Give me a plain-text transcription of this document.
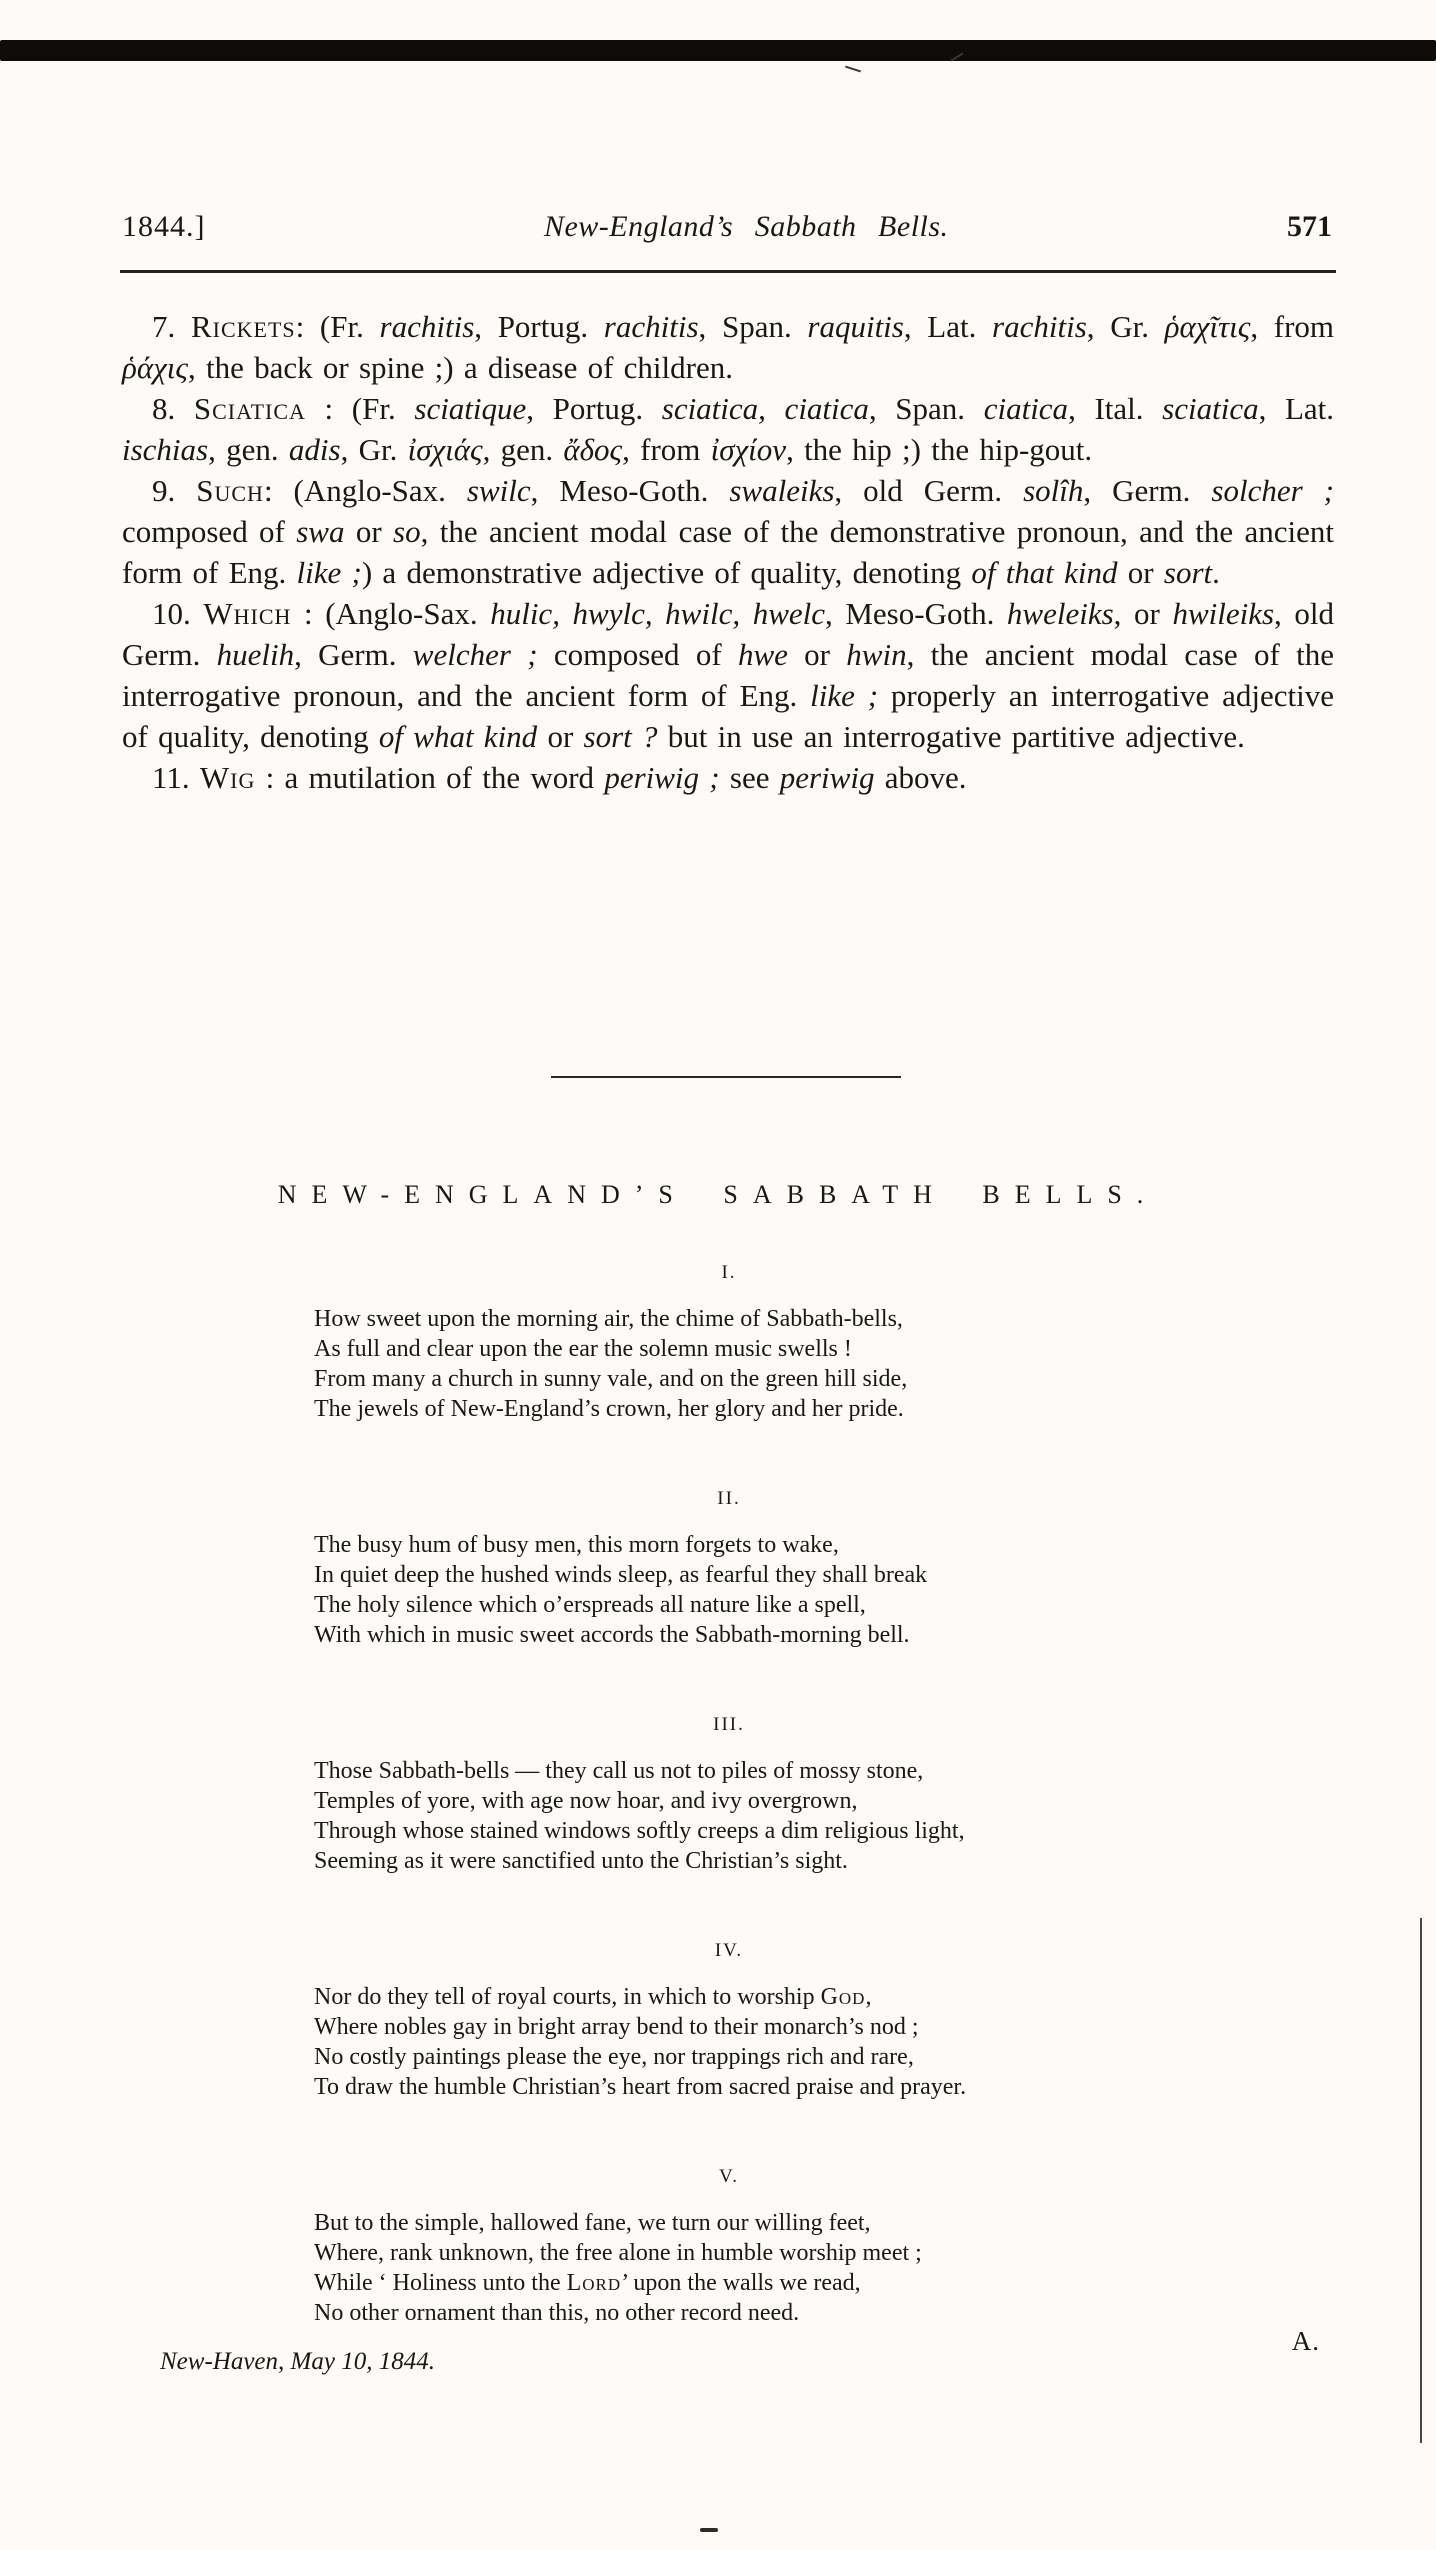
1844.]	New-England’s Sabbath Bells.	571

7. Rickets: (Fr. rachitis, Portug. rachitis, Span. raquitis, Lat. rachitis, Gr. ῥαχῖτις, from ῥάχις, the back or spine ;) a disease of children.

8. Sciatica : (Fr. sciatique, Portug. sciatica, ciatica, Span. ciatica, Ital. sciatica, Lat. ischias, gen. adis, Gr. ἰσχιάς, gen. ἄδος, from ἰσχίον, the hip ;) the hip-gout.

9. Such: (Anglo-Sax. swilc, Meso-Goth. swaleiks, old Germ. solîh, Germ. solcher ; composed of swa or so, the ancient modal case of the demonstrative pronoun, and the ancient form of Eng. like ;) a demonstrative adjective of quality, denoting of that kind or sort.

10. Which : (Anglo-Sax. hulic, hwylc, hwilc, hwelc, Meso-Goth. hweleiks, or hwileiks, old Germ. huelih, Germ. welcher ; composed of hwe or hwin, the ancient modal case of the interrogative pronoun, and the ancient form of Eng. like ; properly an interrogative adjective of quality, denoting of what kind or sort ? but in use an interrogative partitive adjective.

11. Wig : a mutilation of the word periwig ; see periwig above.

NEW-ENGLAND’S SABBATH BELLS.
I.
How sweet upon the morning air, the chime of Sabbath-bells,
As full and clear upon the ear the solemn music swells !
From many a church in sunny vale, and on the green hill side,
The jewels of New-England’s crown, her glory and her pride.
II.
The busy hum of busy men, this morn forgets to wake,
In quiet deep the hushed winds sleep, as fearful they shall break
The holy silence which o’erspreads all nature like a spell,
With which in music sweet accords the Sabbath-morning bell.
III.
Those Sabbath-bells — they call us not to piles of mossy stone,
Temples of yore, with age now hoar, and ivy overgrown,
Through whose stained windows softly creeps a dim religious light,
Seeming as it were sanctified unto the Christian’s sight.
IV.
Nor do they tell of royal courts, in which to worship God,
Where nobles gay in bright array bend to their monarch’s nod ;
No costly paintings please the eye, nor trappings rich and rare,
To draw the humble Christian’s heart from sacred praise and prayer.
V.
But to the simple, hallowed fane, we turn our willing feet,
Where, rank unknown, the free alone in humble worship meet ;
While ‘ Holiness unto the Lord’ upon the walls we read,
No other ornament than this, no other record need.
New-Haven, May 10, 1844.
A.
